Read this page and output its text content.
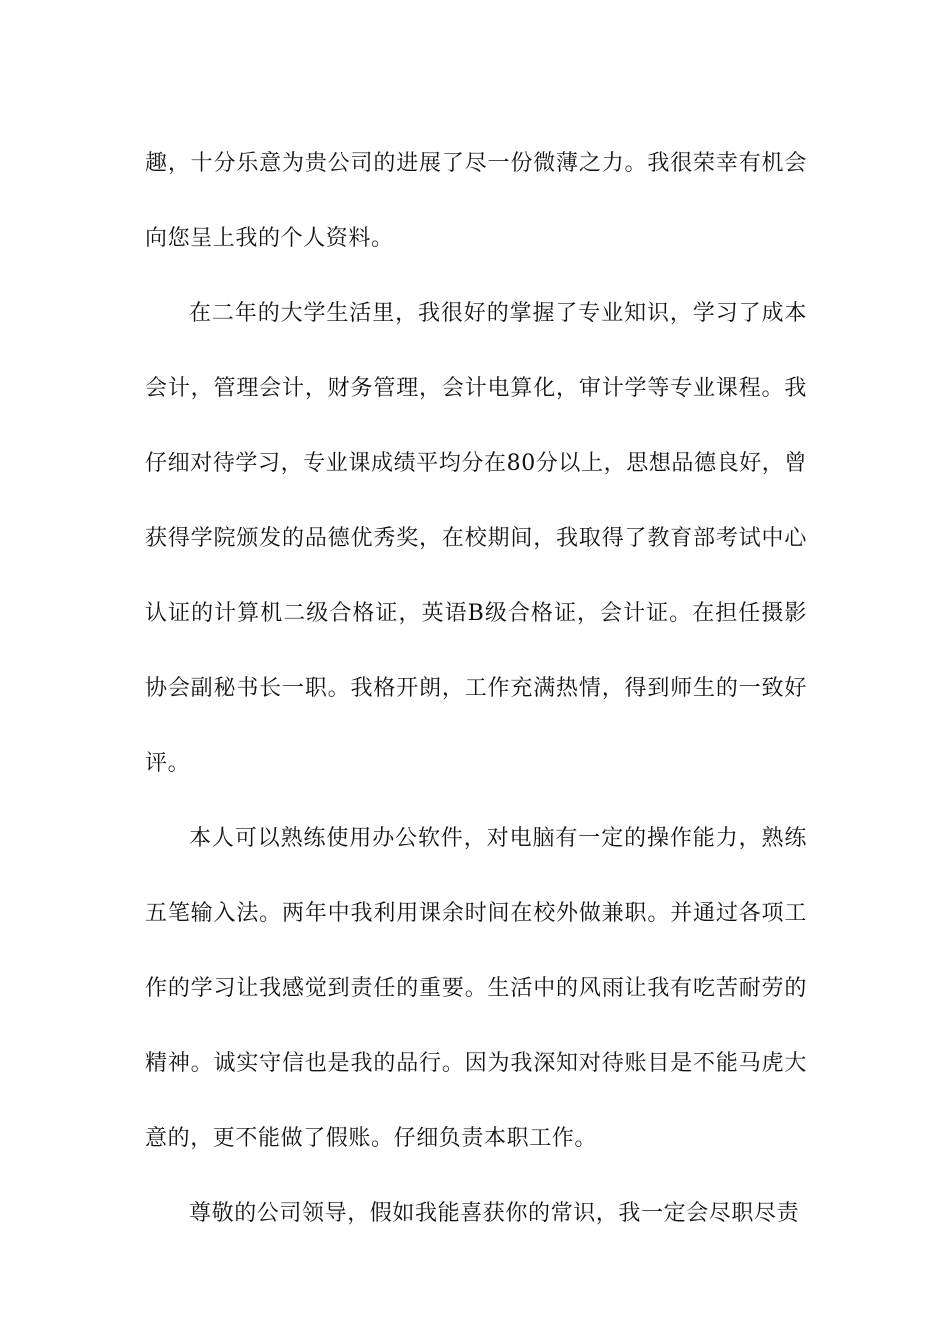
趣，十分乐意为贵公司的进展了尽一份微薄之力。我很荣幸有机会向您呈上我的个人资料。

在二年的大学生活里，我很好的掌握了专业知识，学习了成本会计，管理会计，财务管理，会计电算化，审计学等专业课程。我仔细对待学习，专业课成绩平均分在80分以上，思想品德良好，曾获得学院颁发的品德优秀奖，在校期间，我取得了教育部考试中心认证的计算机二级合格证，英语B级合格证，会计证。在担任摄影协会副秘书长一职。我格开朗，工作充满热情，得到师生的一致好评。

本人可以熟练使用办公软件，对电脑有一定的操作能力，熟练五笔输入法。两年中我利用课余时间在校外做兼职。并通过各项工作的学习让我感觉到责任的重要。生活中的风雨让我有吃苦耐劳的精神。诚实守信也是我的品行。因为我深知对待账目是不能马虎大意的，更不能做了假账。仔细负责本职工作。

尊敬的公司领导，假如我能喜获你的常识，我一定会尽职尽责
